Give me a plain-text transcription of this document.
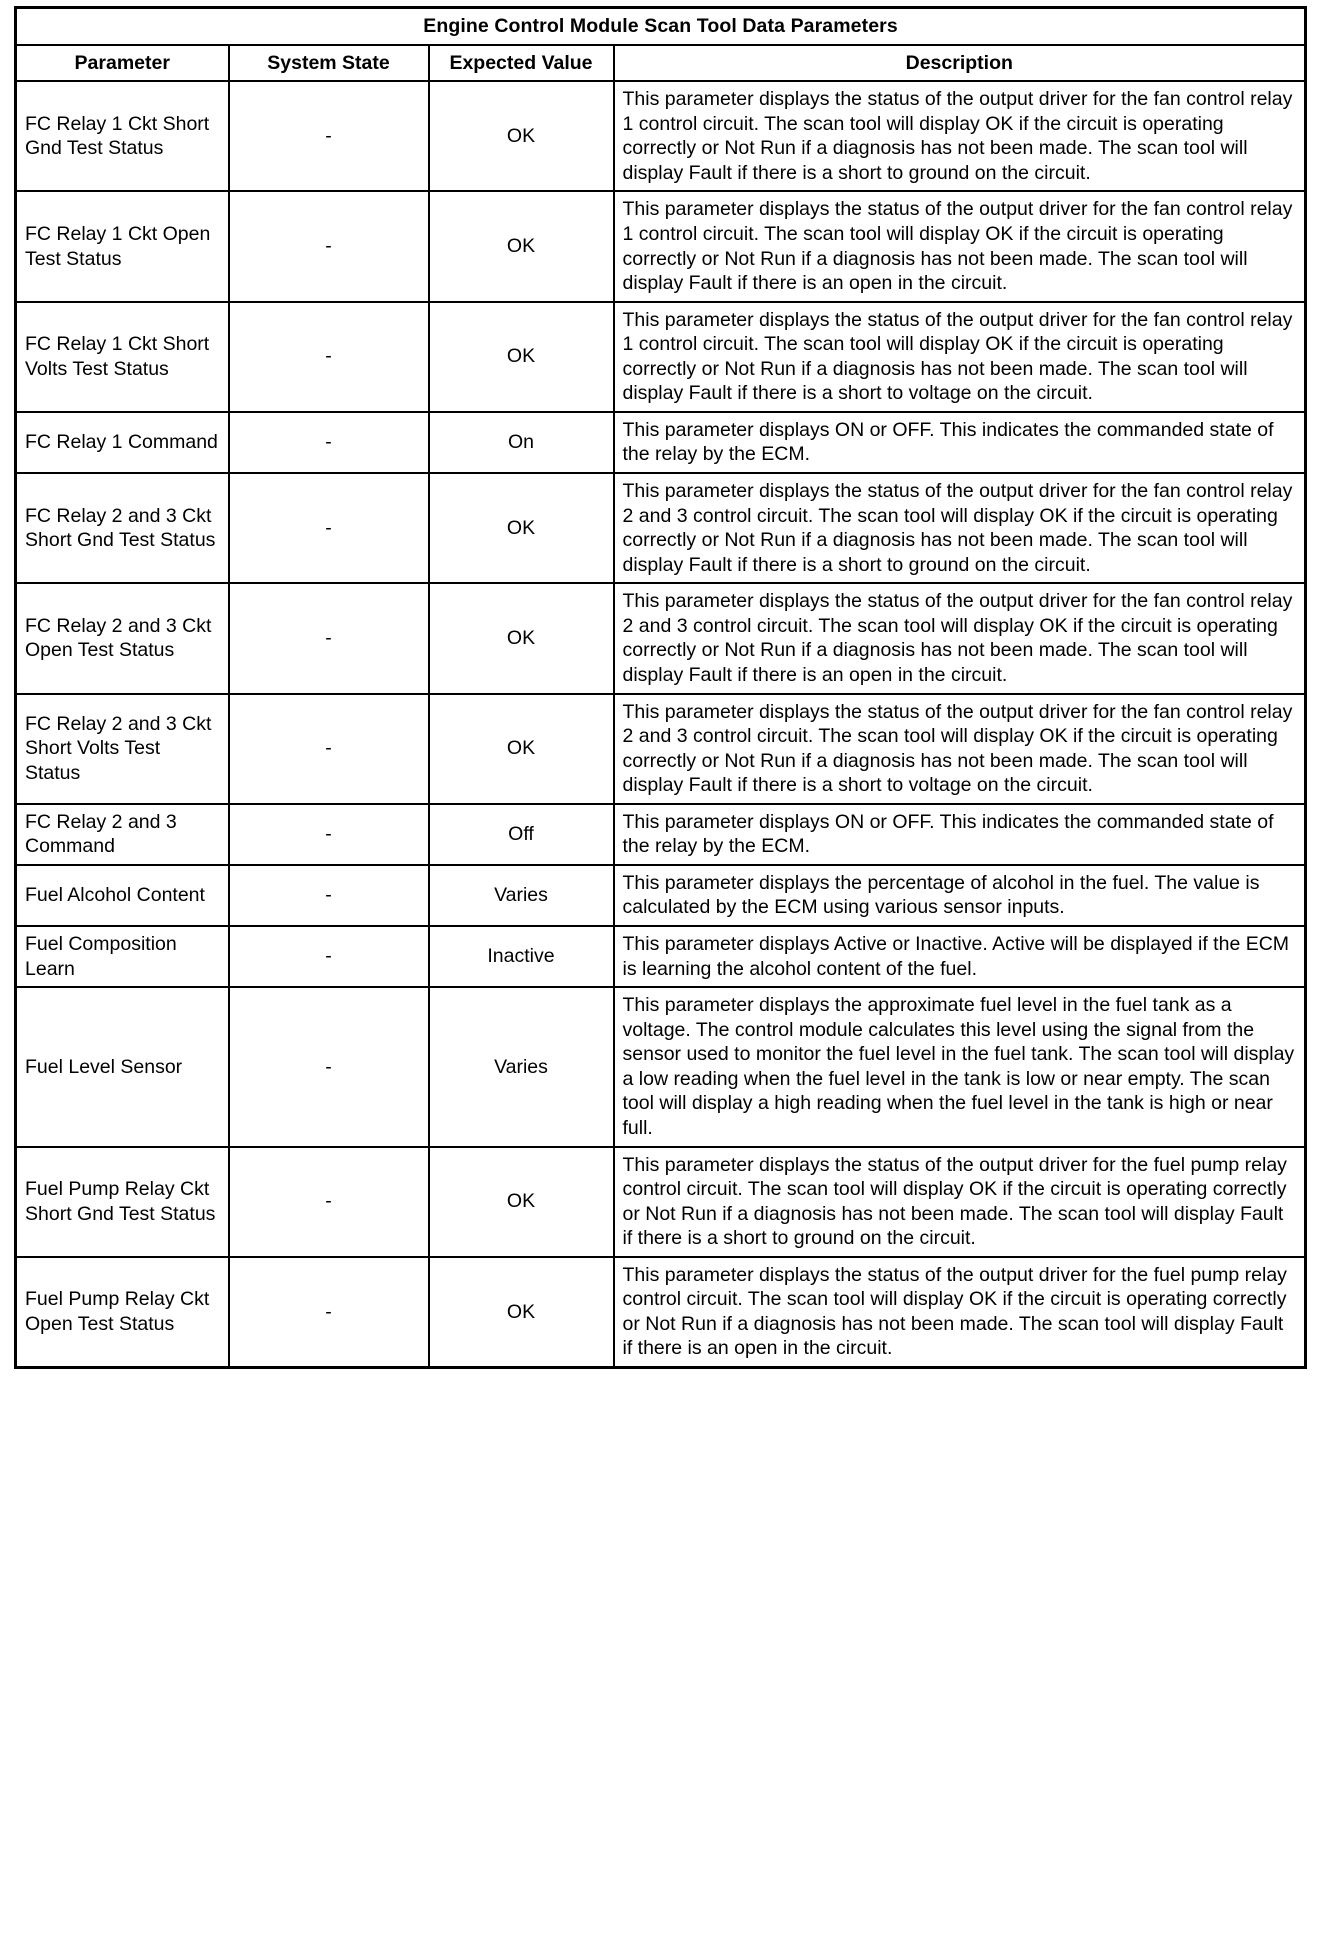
Engine Control Module Scan Tool Data Parameters			
Parameter	System State	Expected Value	Description
FC Relay 1 Ckt Short Gnd Test Status	-	OK	This parameter displays the status of the output driver for the fan control relay 1 control circuit. The scan tool will display OK if the circuit is operating correctly or Not Run if a diagnosis has not been made. The scan tool will display Fault if there is a short to ground on the circuit.
FC Relay 1 Ckt Open Test Status	-	OK	This parameter displays the status of the output driver for the fan control relay 1 control circuit. The scan tool will display OK if the circuit is operating correctly or Not Run if a diagnosis has not been made. The scan tool will display Fault if there is an open in the circuit.
FC Relay 1 Ckt Short Volts Test Status	-	OK	This parameter displays the status of the output driver for the fan control relay 1 control circuit. The scan tool will display OK if the circuit is operating correctly or Not Run if a diagnosis has not been made. The scan tool will display Fault if there is a short to voltage on the circuit.
FC Relay 1 Command	-	On	This parameter displays ON or OFF. This indicates the commanded state of the relay by the ECM.
FC Relay 2 and 3 Ckt Short Gnd Test Status	-	OK	This parameter displays the status of the output driver for the fan control relay 2 and 3 control circuit. The scan tool will display OK if the circuit is operating correctly or Not Run if a diagnosis has not been made. The scan tool will display Fault if there is a short to ground on the circuit.
FC Relay 2 and 3 Ckt Open Test Status	-	OK	This parameter displays the status of the output driver for the fan control relay 2 and 3 control circuit. The scan tool will display OK if the circuit is operating correctly or Not Run if a diagnosis has not been made. The scan tool will display Fault if there is an open in the circuit.
FC Relay 2 and 3 Ckt Short Volts Test Status	-	OK	This parameter displays the status of the output driver for the fan control relay 2 and 3 control circuit. The scan tool will display OK if the circuit is operating correctly or Not Run if a diagnosis has not been made. The scan tool will display Fault if there is a short to voltage on the circuit.
FC Relay 2 and 3 Command	-	Off	This parameter displays ON or OFF. This indicates the commanded state of the relay by the ECM.
Fuel Alcohol Content	-	Varies	This parameter displays the percentage of alcohol in the fuel. The value is calculated by the ECM using various sensor inputs.
Fuel Composition Learn	-	Inactive	This parameter displays Active or Inactive. Active will be displayed if the ECM is learning the alcohol content of the fuel.
Fuel Level Sensor	-	Varies	This parameter displays the approximate fuel level in the fuel tank as a voltage. The control module calculates this level using the signal from the sensor used to monitor the fuel level in the fuel tank. The scan tool will display a low reading when the fuel level in the tank is low or near empty. The scan tool will display a high reading when the fuel level in the tank is high or near full.
Fuel Pump Relay Ckt Short Gnd Test Status	-	OK	This parameter displays the status of the output driver for the fuel pump relay control circuit. The scan tool will display OK if the circuit is operating correctly or Not Run if a diagnosis has not been made. The scan tool will display Fault if there is a short to ground on the circuit.
Fuel Pump Relay Ckt Open Test Status	-	OK	This parameter displays the status of the output driver for the fuel pump relay control circuit. The scan tool will display OK if the circuit is operating correctly or Not Run if a diagnosis has not been made. The scan tool will display Fault if there is an open in the circuit.
